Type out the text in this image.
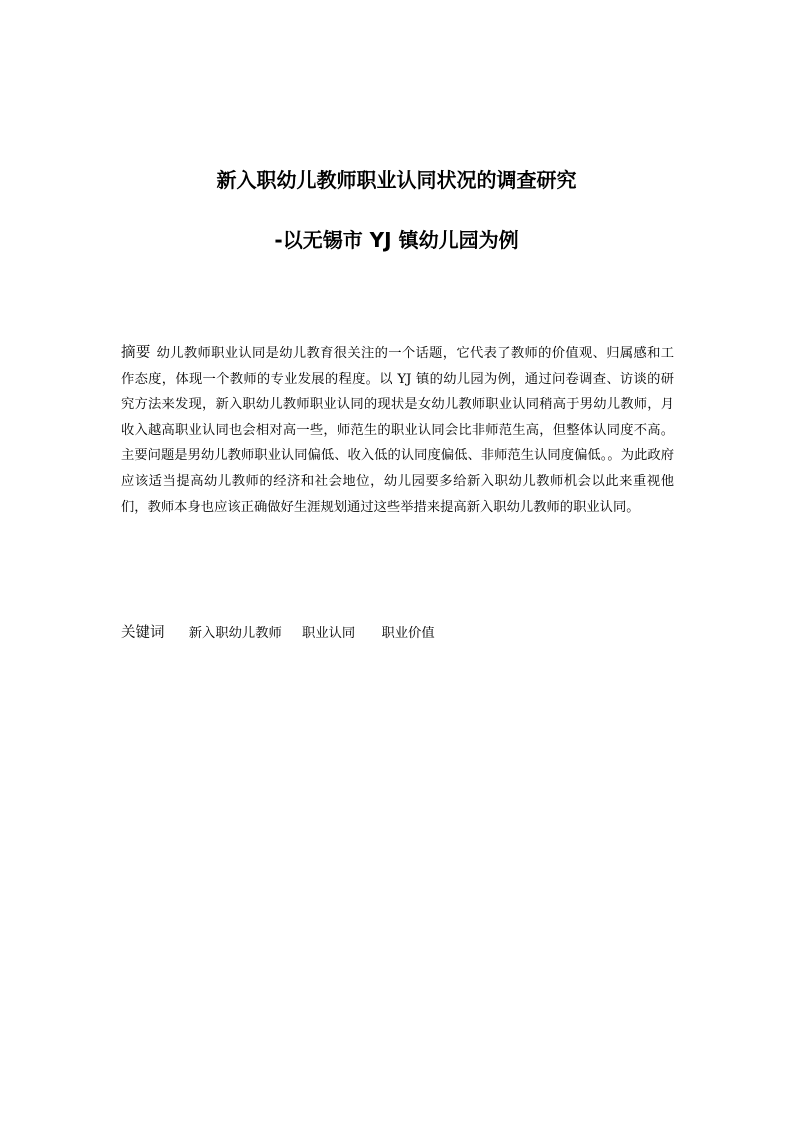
新入职幼儿教师职业认同状况的调查研究
-以无锡市 YJ 镇幼儿园为例
摘要 幼儿教师职业认同是幼儿教育很关注的一个话题，它代表了教师的价值观、归属感和工作态度，体现一个教师的专业发展的程度。以 YJ 镇的幼儿园为例，通过问卷调查、访谈的研究方法来发现，新入职幼儿教师职业认同的现状是女幼儿教师职业认同稍高于男幼儿教师，月收入越高职业认同也会相对高一些，师范生的职业认同会比非师范生高，但整体认同度不高。主要问题是男幼儿教师职业认同偏低、收入低的认同度偏低、非师范生认同度偏低。。为此政府应该适当提高幼儿教师的经济和社会地位，幼儿园要多给新入职幼儿教师机会以此来重视他们，教师本身也应该正确做好生涯规划通过这些举措来提高新入职幼儿教师的职业认同。
关键词 新入职幼儿教师 职业认同 职业价值
